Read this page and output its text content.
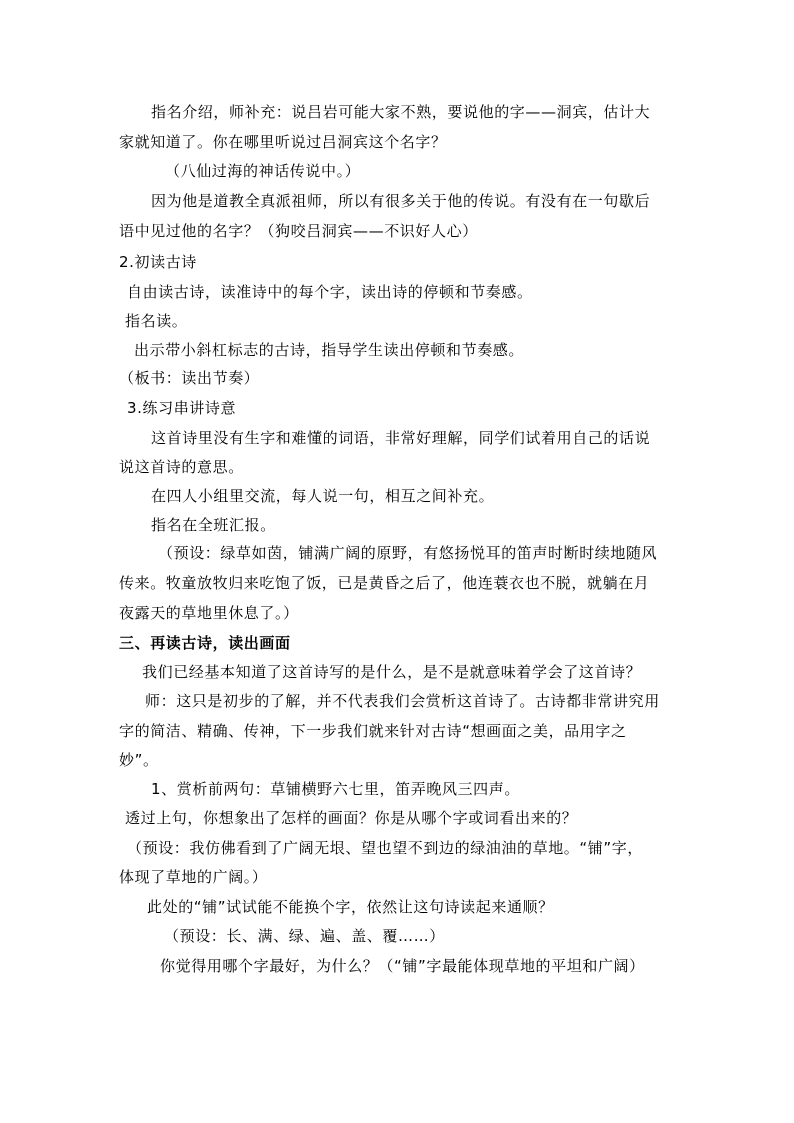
指名介绍，师补充：说吕岩可能大家不熟，要说他的字——洞宾，估计大
家就知道了。你在哪里听说过吕洞宾这个名字？
（八仙过海的神话传说中。）
因为他是道教全真派祖师，所以有很多关于他的传说。有没有在一句歇后
语中见过他的名字？（狗咬吕洞宾——不识好人心）
2.初读古诗
自由读古诗，读准诗中的每个字，读出诗的停顿和节奏感。
指名读。
出示带小斜杠标志的古诗，指导学生读出停顿和节奏感。
（板书：读出节奏）
3.练习串讲诗意
这首诗里没有生字和难懂的词语，非常好理解，同学们试着用自己的话说
说这首诗的意思。
在四人小组里交流，每人说一句，相互之间补充。
指名在全班汇报。
（预设：绿草如茵，铺满广阔的原野，有悠扬悦耳的笛声时断时续地随风
传来。牧童放牧归来吃饱了饭，已是黄昏之后了，他连蓑衣也不脱，就躺在月
夜露天的草地里休息了。）
三、再读古诗，读出画面
我们已经基本知道了这首诗写的是什么，是不是就意味着学会了这首诗？
师：这只是初步的了解，并不代表我们会赏析这首诗了。古诗都非常讲究用
字的简洁、精确、传神，下一步我们就来针对古诗“想画面之美，品用字之
妙”。
1、赏析前两句：草铺横野六七里，笛弄晚风三四声。
透过上句，你想象出了怎样的画面？你是从哪个字或词看出来的？
（预设：我仿佛看到了广阔无垠、望也望不到边的绿油油的草地。“铺”字，
体现了草地的广阔。）
此处的“铺”试试能不能换个字，依然让这句诗读起来通顺？
（预设：长、满、绿、遍、盖、覆……）
你觉得用哪个字最好，为什么？（“铺”字最能体现草地的平坦和广阔）
